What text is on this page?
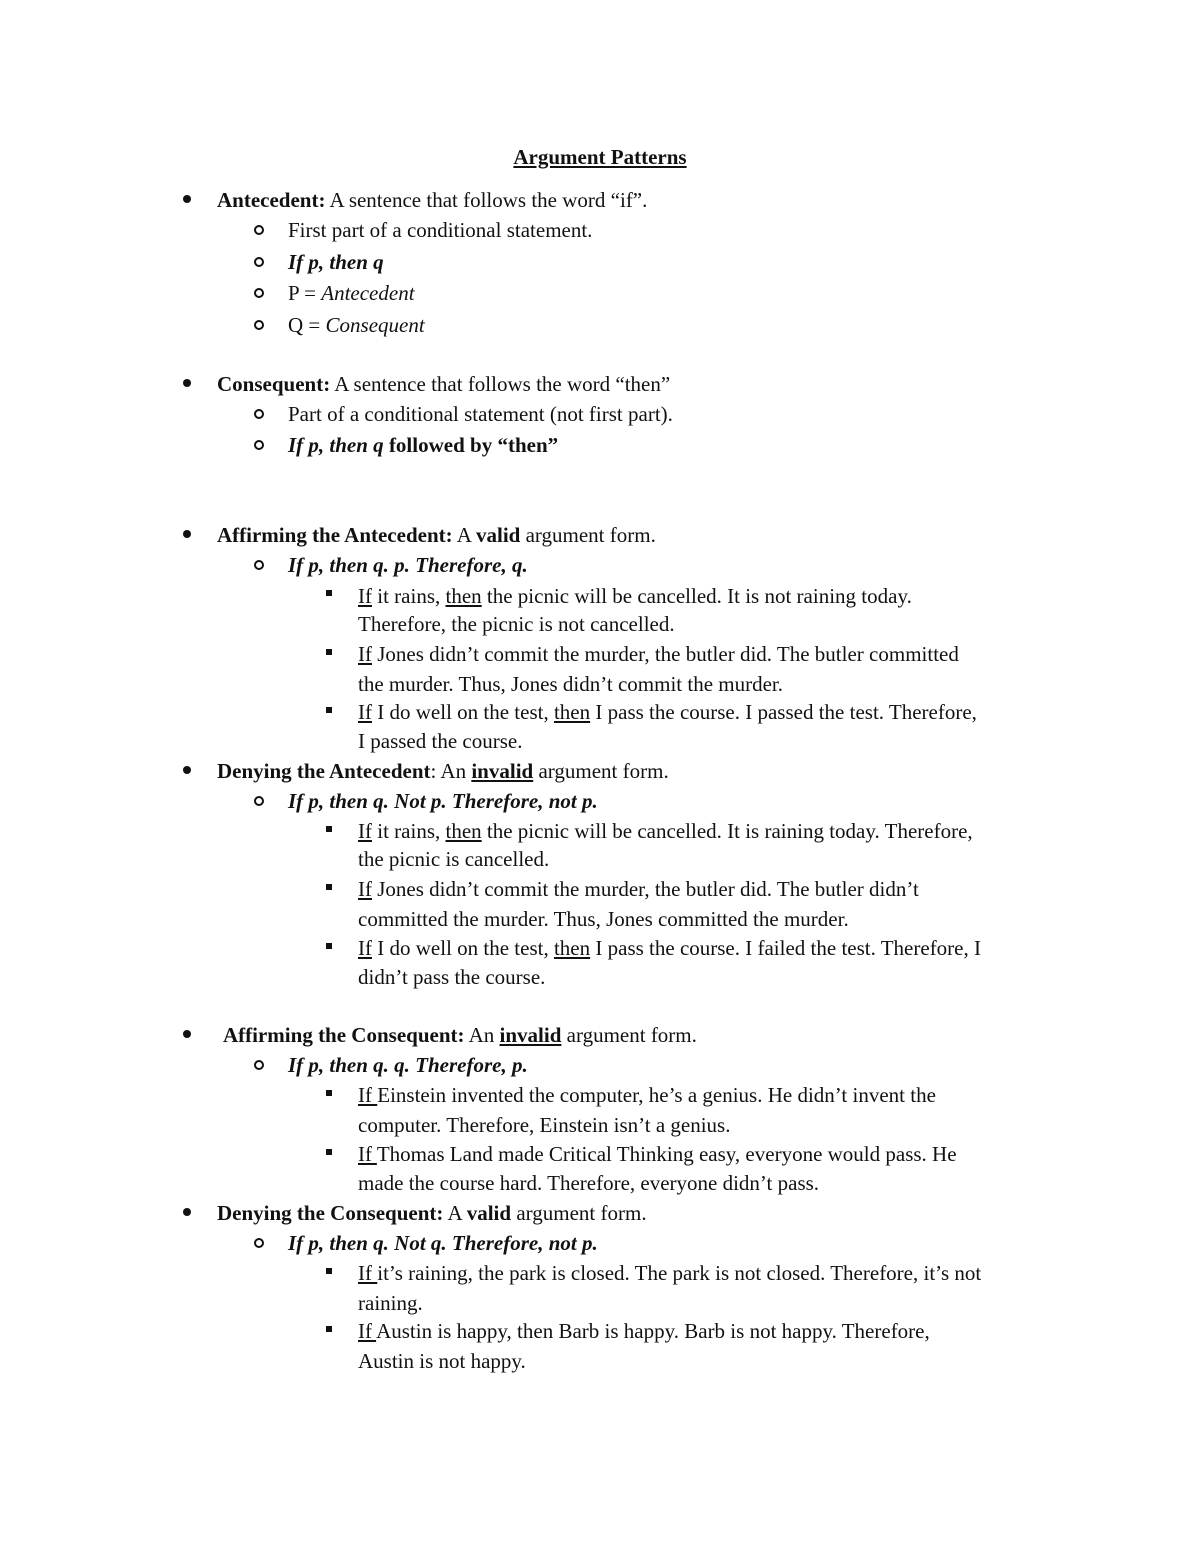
Argument Patterns
Antecedent: A sentence that follows the word “if”.
First part of a conditional statement.
If p, then q
P = Antecedent
Q = Consequent
Consequent: A sentence that follows the word “then”
Part of a conditional statement (not first part).
If p, then q followed by “then”
Affirming the Antecedent: A valid argument form.
If p, then q. p. Therefore, q.
If it rains, then the picnic will be cancelled. It is not raining today.
Therefore, the picnic is not cancelled.
If Jones didn’t commit the murder, the butler did. The butler committed
the murder. Thus, Jones didn’t commit the murder.
If I do well on the test, then I pass the course. I passed the test. Therefore,
I passed the course.
Denying the Antecedent: An invalid argument form.
If p, then q. Not p. Therefore, not p.
If it rains, then the picnic will be cancelled. It is raining today. Therefore,
the picnic is cancelled.
If Jones didn’t commit the murder, the butler did. The butler didn’t
committed the murder. Thus, Jones committed the murder.
If I do well on the test, then I pass the course. I failed the test. Therefore, I
didn’t pass the course.
Affirming the Consequent: An invalid argument form.
If p, then q. q. Therefore, p.
If Einstein invented the computer, he’s a genius. He didn’t invent the
computer. Therefore, Einstein isn’t a genius.
If Thomas Land made Critical Thinking easy, everyone would pass. He
made the course hard. Therefore, everyone didn’t pass.
Denying the Consequent: A valid argument form.
If p, then q. Not q. Therefore, not p.
If it’s raining, the park is closed. The park is not closed. Therefore, it’s not
raining.
If Austin is happy, then Barb is happy. Barb is not happy. Therefore,
Austin is not happy.
